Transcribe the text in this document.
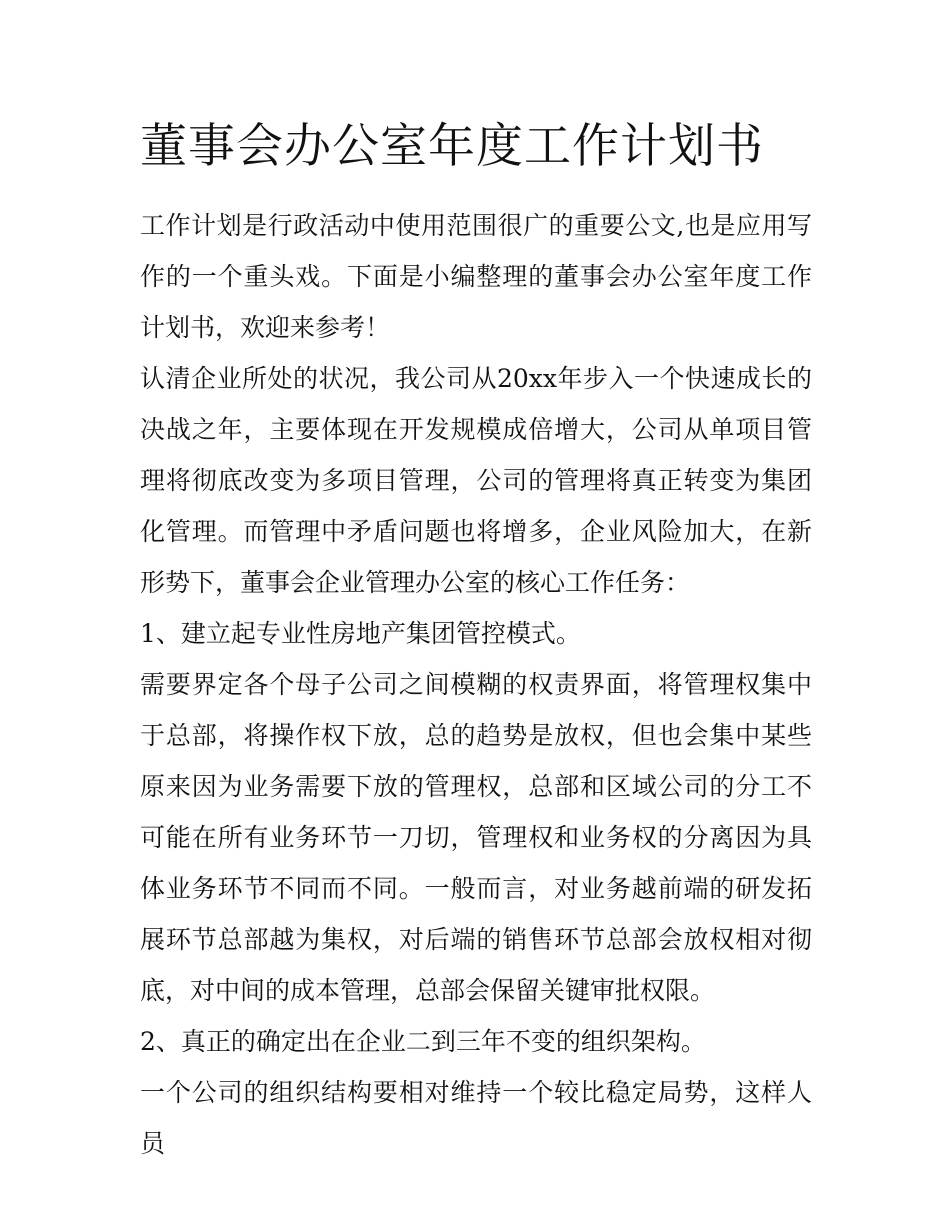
董事会办公室年度工作计划书

工作计划是行政活动中使用范围很广的重要公文,也是应用写作的一个重头戏。下面是小编整理的董事会办公室年度工作计划书，欢迎来参考！

认清企业所处的状况，我公司从20xx年步入一个快速成长的决战之年，主要体现在开发规模成倍增大，公司从单项目管理将彻底改变为多项目管理，公司的管理将真正转变为集团化管理。而管理中矛盾问题也将增多，企业风险加大，在新形势下，董事会企业管理办公室的核心工作任务：

1、建立起专业性房地产集团管控模式。

需要界定各个母子公司之间模糊的权责界面，将管理权集中于总部，将操作权下放，总的趋势是放权，但也会集中某些原来因为业务需要下放的管理权，总部和区域公司的分工不可能在所有业务环节一刀切，管理权和业务权的分离因为具体业务环节不同而不同。一般而言，对业务越前端的研发拓展环节总部越为集权，对后端的销售环节总部会放权相对彻底，对中间的成本管理，总部会保留关键审批权限。

2、真正的确定出在企业二到三年不变的组织架构。

一个公司的组织结构要相对维持一个较比稳定局势，这样人员
